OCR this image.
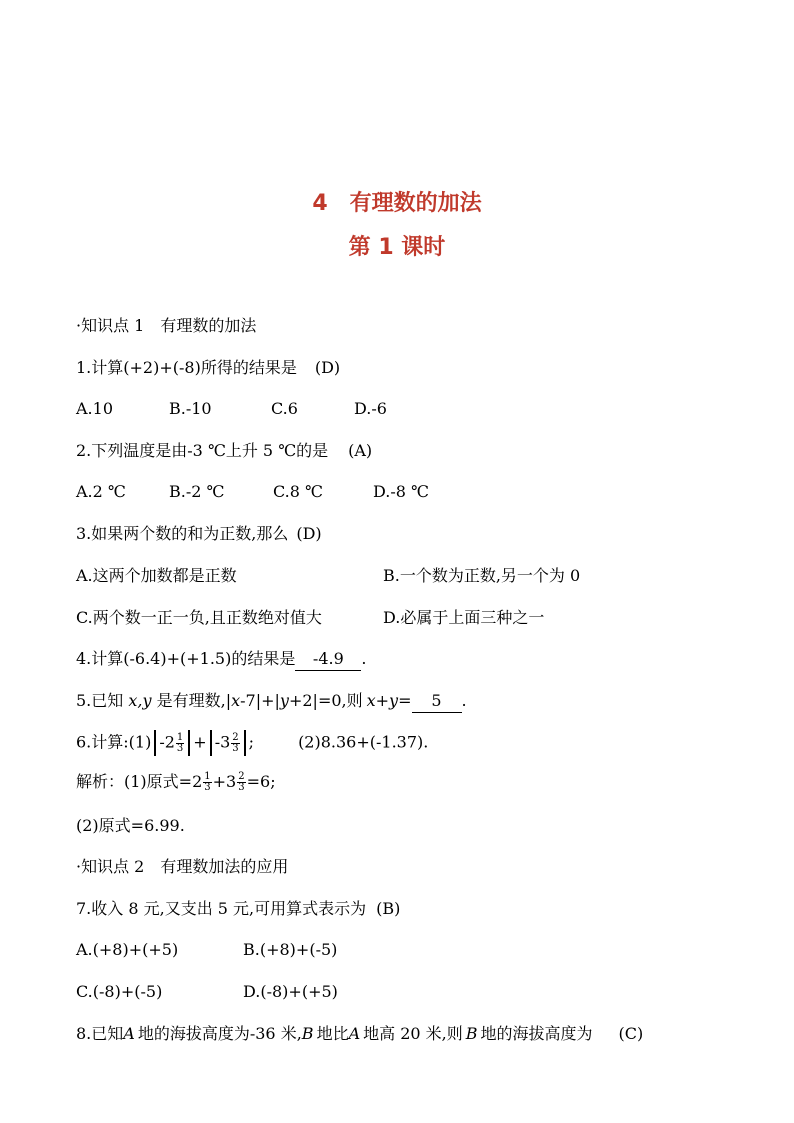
4　有理数的加法
第 1 课时
·知识点 1　有理数的加法
1.计算(+2)+(-8)所得的结果是 (D)
A.10	B.-10	C.6	D.-6
2.下列温度是由-3 ℃上升 5 ℃的是 (A)
A.2 ℃	B.-2 ℃	C.8 ℃	D.-8 ℃
3.如果两个数的和为正数,那么 (D)
A.这两个加数都是正数	B.一个数为正数,另一个为 0
C.两个数一正一负,且正数绝对值大	D.必属于上面三种之一
4.计算(-6.4)+(+1.5)的结果是 -4.9 .
5.已知 x,y 是有理数,|x-7|+|y+2|=0,则 x+y= 5 .
6.计算:(1) $-2 \frac{1}{3} + -3 \frac{2}{3}$ ;	(2)8.36+(-1.37).
解析：(1)原式$=2 \frac{1}{3} +3 \frac{2}{3} =6$;
(2)原式=6.99.
·知识点 2　有理数加法的应用
7.收入 8 元,又支出 5 元,可用算式表示为 (B)
A.(+8)+(+5)	B.(+8)+(-5)
C.(-8)+(-5)	D.(-8)+(+5)
8.已知A 地的海拔高度为-36 米,B 地比A 地高 20 米,则 B 地的海拔高度为 (C)
